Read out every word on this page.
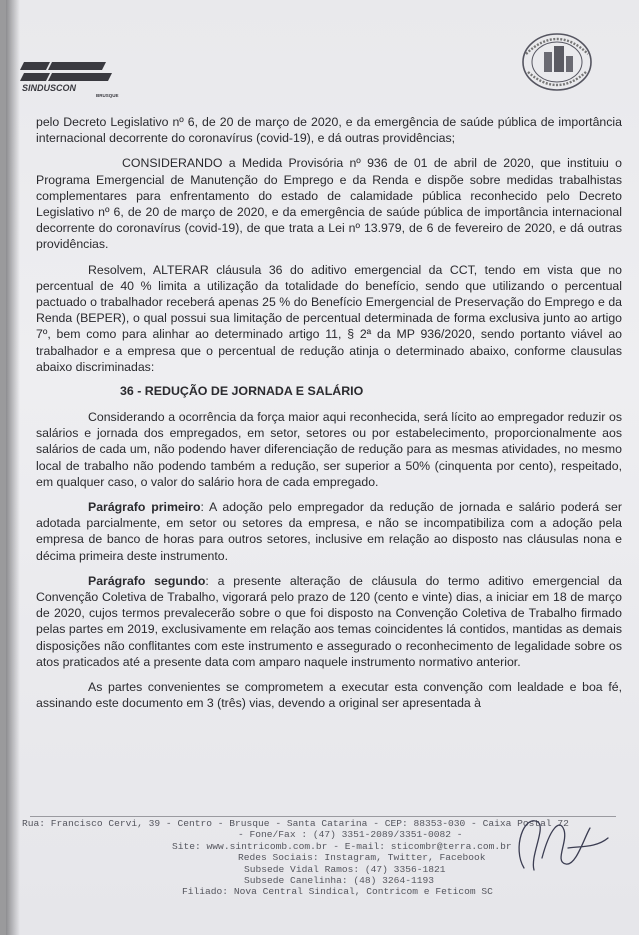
SINDUSCON
BRUSQUE

pelo Decreto Legislativo nº 6, de 20 de março de 2020, e da emergência de saúde pública de importância internacional decorrente do coronavírus (covid-19), e dá outras providências;

CONSIDERANDO a Medida Provisória nº 936 de 01 de abril de 2020, que instituiu o Programa Emergencial de Manutenção do Emprego e da Renda e dispõe sobre medidas trabalhistas complementares para enfrentamento do estado de calamidade pública reconhecido pelo Decreto Legislativo nº 6, de 20 de março de 2020, e da emergência de saúde pública de importância internacional decorrente do coronavírus (covid-19), de que trata a Lei nº 13.979, de 6 de fevereiro de 2020, e dá outras providências.

Resolvem, ALTERAR cláusula 36 do aditivo emergencial da CCT, tendo em vista que no percentual de 40 % limita a utilização da totalidade do benefício, sendo que utilizando o percentual pactuado o trabalhador receberá apenas 25 % do Benefício Emergencial de Preservação do Emprego e da Renda (BEPER), o qual possui sua limitação de percentual determinada de forma exclusiva junto ao artigo 7º, bem como para alinhar ao determinado artigo 11, § 2ª da MP 936/2020, sendo portanto viável ao trabalhador e a empresa que o percentual de redução atinja o determinado abaixo, conforme clausulas abaixo discriminadas:

36 - REDUÇÃO DE JORNADA E SALÁRIO

Considerando a ocorrência da força maior aqui reconhecida, será lícito ao empregador reduzir os salários e jornada dos empregados, em setor, setores ou por estabelecimento, proporcionalmente aos salários de cada um, não podendo haver diferenciação de redução para as mesmas atividades, no mesmo local de trabalho não podendo também a redução, ser superior a 50% (cinquenta por cento), respeitado, em qualquer caso, o valor do salário hora de cada empregado.

Parágrafo primeiro: A adoção pelo empregador da redução de jornada e salário poderá ser adotada parcialmente, em setor ou setores da empresa, e não se incompatibiliza com a adoção pela empresa de banco de horas para outros setores, inclusive em relação ao disposto nas cláusulas nona e décima primeira deste instrumento.

Parágrafo segundo: a presente alteração de cláusula do termo aditivo emergencial da Convenção Coletiva de Trabalho, vigorará pelo prazo de 120 (cento e vinte) dias, a iniciar em 18 de março de 2020, cujos termos prevalecerão sobre o que foi disposto na Convenção Coletiva de Trabalho firmado pelas partes em 2019, exclusivamente em relação aos temas coincidentes lá contidos, mantidas as demais disposições não conflitantes com este instrumento e assegurado o reconhecimento de legalidade sobre os atos praticados até a presente data com amparo naquele instrumento normativo anterior.

As partes convenientes se comprometem a executar esta convenção com lealdade e boa fé, assinando este documento em 3 (três) vias, devendo a original ser apresentada à

Rua: Francisco Cervi, 39 - Centro - Brusque - Santa Catarina - CEP: 88353-030 - Caixa Postal 72
- Fone/Fax : (47) 3351-2089/3351-0082 -
Site: www.sintricomb.com.br - E-mail: sticombr@terra.com.br
Redes Sociais: Instagram, Twitter, Facebook
Subsede Vidal Ramos: (47) 3356-1821
Subsede Canelinha: (48) 3264-1193
Filiado: Nova Central Sindical, Contricom e Feticom SC
